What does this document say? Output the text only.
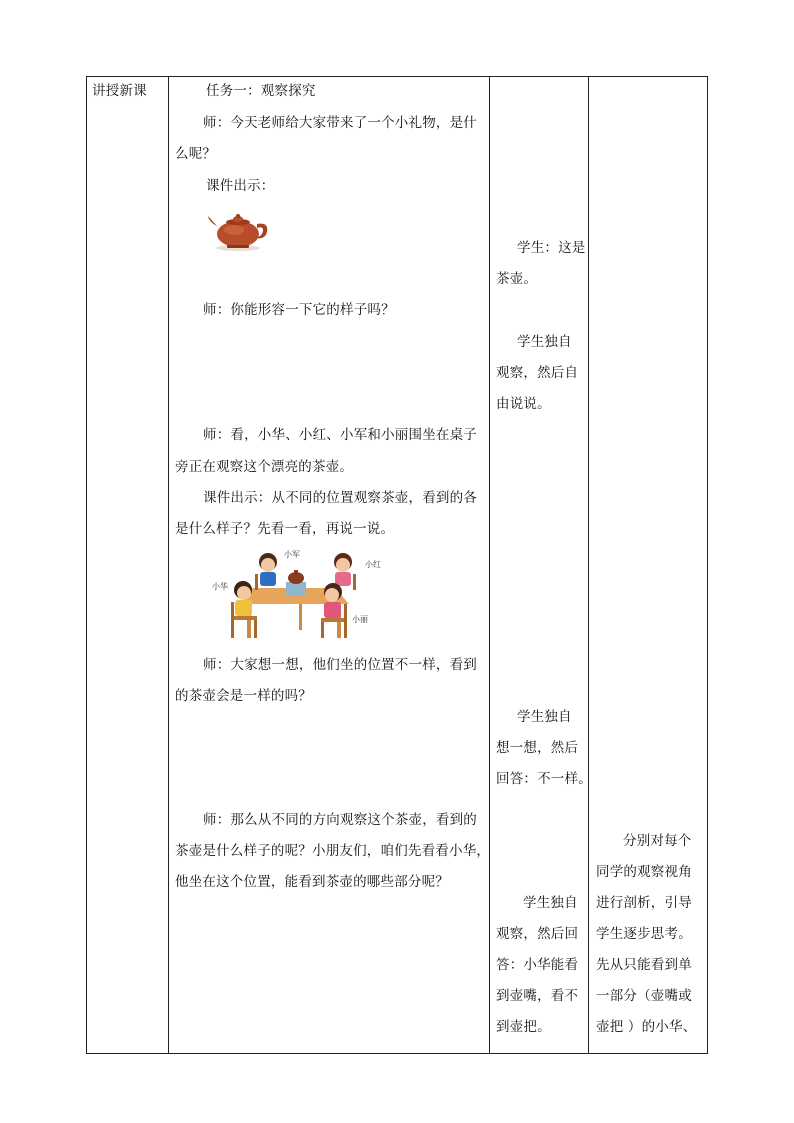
讲授新课	任务一：观察探究
师：今天老师给大家带来了一个小礼物，是什
么呢？
课件出示：
师：你能形容一下它的样子吗？
师：看，小华、小红、小军和小丽围坐在桌子
旁正在观察这个漂亮的茶壶。
课件出示：从不同的位置观察茶壶，看到的各
是什么样子？先看一看，再说一说。
小军
小红
小华
小丽
师：大家想一想，他们坐的位置不一样，看到
的茶壶会是一样的吗？
师：那么从不同的方向观察这个茶壶，看到的
茶壶是什么样子的呢？小朋友们，咱们先看看小华，
他坐在这个位置，能看到茶壶的哪些部分呢？
学生：这是
茶壶。
学生独自
观察，然后自
由说说。
学生独自
想一想，然后
回答：不一样。
学生独自
观察，然后回
答：小华能看
到壶嘴，看不
到壶把。
分别对每个
同学的观察视角
进行剖析，引导
学生逐步思考。
先从只能看到单
一部分（壶嘴或
壶把 ）的小华、
